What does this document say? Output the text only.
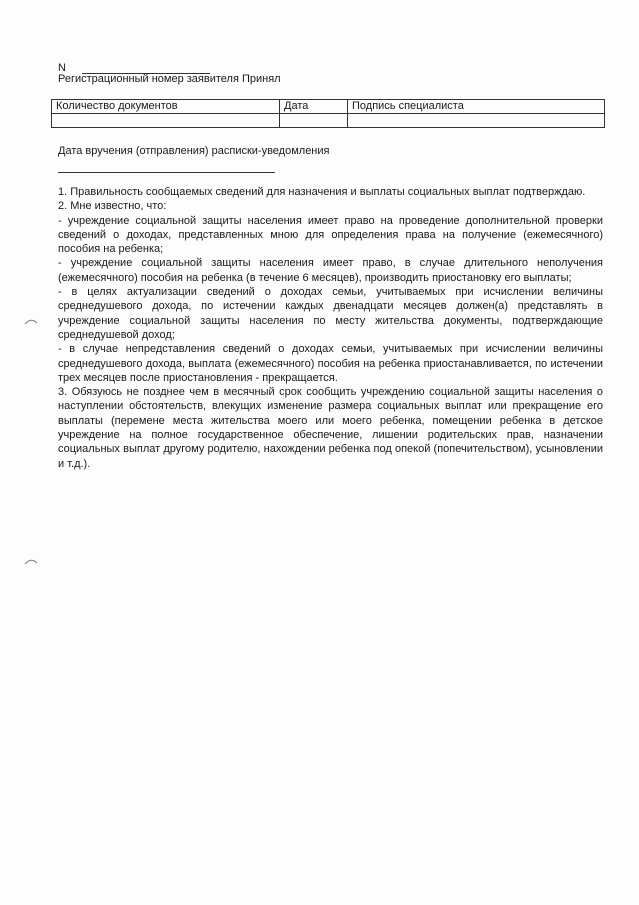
N
Регистрационный номер заявителя Принял
Количество документов	Дата	Подпись специалиста

Дата вручения (отправления) расписки-уведомления

1. Правильность сообщаемых сведений для назначения и выплаты социальных выплат подтверждаю.

2. Мне известно, что:

- учреждение социальной защиты населения имеет право на проведение дополнительной проверки сведений о доходах, представленных мною для определения права на получение (ежемесячного) пособия на ребенка;

- учреждение социальной защиты населения имеет право, в случае длительного неполучения (ежемесячного) пособия на ребенка (в течение 6 месяцев), производить приостановку его выплаты;

- в целях актуализации сведений о доходах семьи, учитываемых при исчислении величины среднедушевого дохода, по истечении каждых двенадцати месяцев должен(а) представлять в учреждение социальной защиты населения по месту жительства документы, подтверждающие среднедушевой доход;

- в случае непредставления сведений о доходах семьи, учитываемых при исчислении величины среднедушевого дохода, выплата (ежемесячного) пособия на ребенка приостанавливается, по истечении трех месяцев после приостановления - прекращается.

3. Обязуюсь не позднее чем в месячный срок сообщить учреждению социальной защиты населения о наступлении обстоятельств, влекущих изменение размера социальных выплат или прекращение его выплаты (перемене места жительства моего или моего ребенка, помещении ребенка в детское учреждение на полное государственное обеспечение, лишении родительских прав, назначении социальных выплат другому родителю, нахождении ребенка под опекой (попечительством), усыновлении и т.д.).
